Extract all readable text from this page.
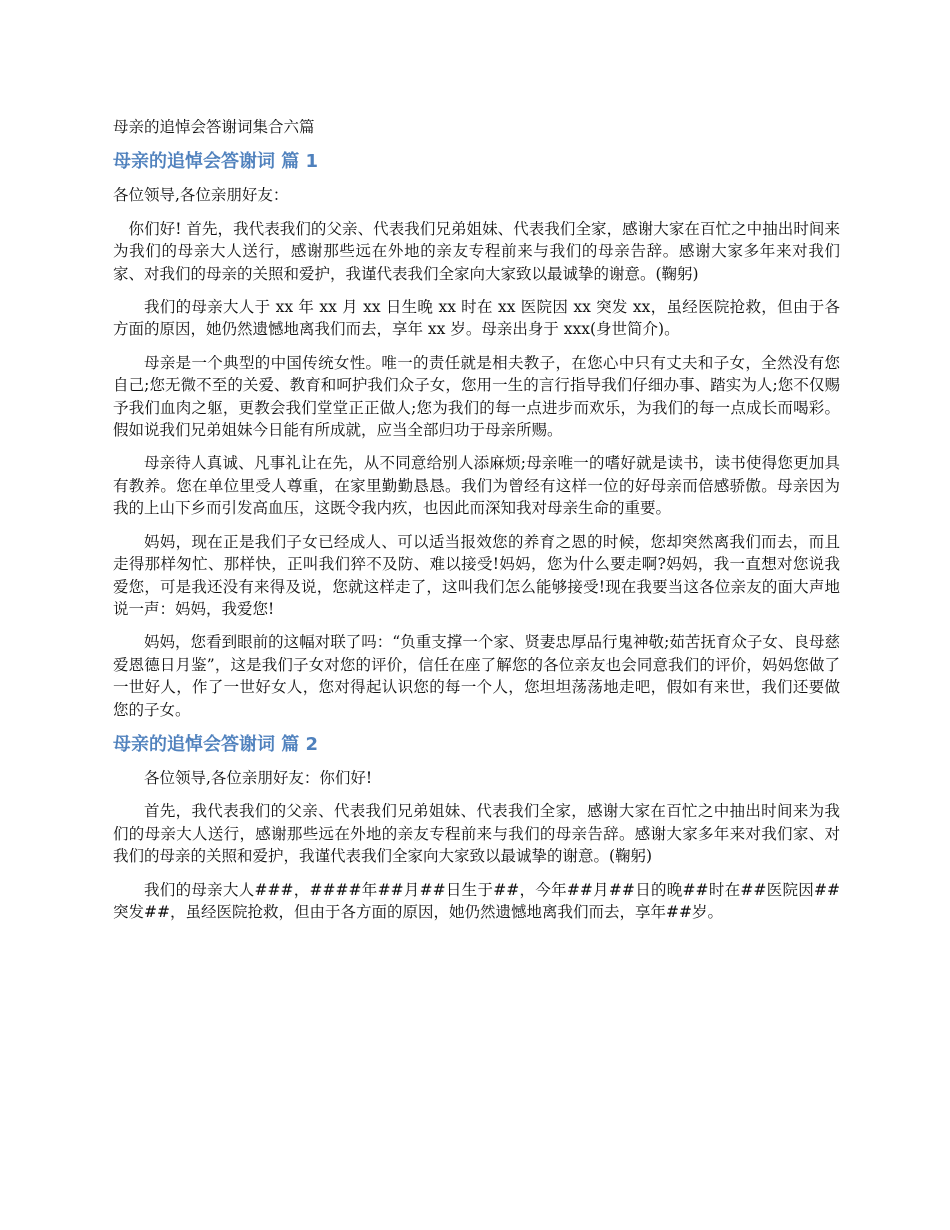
母亲的追悼会答谢词集合六篇

母亲的追悼会答谢词 篇 1

各位领导,各位亲朋好友：

你们好! 首先，我代表我们的父亲、代表我们兄弟姐妹、代表我们全家，感谢大家在百忙之中抽出时间来为我们的母亲大人送行，感谢那些远在外地的亲友专程前来与我们的母亲告辞。感谢大家多年来对我们家、对我们的母亲的关照和爱护，我谨代表我们全家向大家致以最诚挚的谢意。(鞠躬)

我们的母亲大人于 xx 年 xx 月 xx 日生晚 xx 时在 xx 医院因 xx 突发 xx，虽经医院抢救，但由于各方面的原因，她仍然遗憾地离我们而去，享年 xx 岁。母亲出身于 xxx(身世简介)。

母亲是一个典型的中国传统女性。唯一的责任就是相夫教子，在您心中只有丈夫和子女，全然没有您自己;您无微不至的关爱、教育和呵护我们众子女，您用一生的言行指导我们仔细办事、踏实为人;您不仅赐予我们血肉之躯，更教会我们堂堂正正做人;您为我们的每一点进步而欢乐，为我们的每一点成长而喝彩。假如说我们兄弟姐妹今日能有所成就，应当全部归功于母亲所赐。

母亲待人真诚、凡事礼让在先，从不同意给别人添麻烦;母亲唯一的嗜好就是读书，读书使得您更加具有教养。您在单位里受人尊重，在家里勤勤恳恳。我们为曾经有这样一位的好母亲而倍感骄傲。母亲因为我的上山下乡而引发高血压，这既令我内疚，也因此而深知我对母亲生命的重要。

妈妈，现在正是我们子女已经成人、可以适当报效您的养育之恩的时候，您却突然离我们而去，而且走得那样匆忙、那样快，正叫我们猝不及防、难以接受!妈妈，您为什么要走啊?妈妈，我一直想对您说我爱您，可是我还没有来得及说，您就这样走了，这叫我们怎么能够接受!现在我要当这各位亲友的面大声地说一声：妈妈，我爱您!

妈妈，您看到眼前的这幅对联了吗：“负重支撑一个家、贤妻忠厚品行鬼神敬;茹苦抚育众子女、良母慈爱恩德日月鉴”，这是我们子女对您的评价，信任在座了解您的各位亲友也会同意我们的评价，妈妈您做了一世好人，作了一世好女人，您对得起认识您的每一个人，您坦坦荡荡地走吧，假如有来世，我们还要做您的子女。

母亲的追悼会答谢词 篇 2

各位领导,各位亲朋好友：你们好!

首先，我代表我们的父亲、代表我们兄弟姐妹、代表我们全家，感谢大家在百忙之中抽出时间来为我们的母亲大人送行，感谢那些远在外地的亲友专程前来与我们的母亲告辞。感谢大家多年来对我们家、对我们的母亲的关照和爱护，我谨代表我们全家向大家致以最诚挚的谢意。(鞠躬)

我们的母亲大人###，####年##月##日生于##，今年##月##日的晚##时在##医院因##突发##，虽经医院抢救，但由于各方面的原因，她仍然遗憾地离我们而去，享年##岁。
